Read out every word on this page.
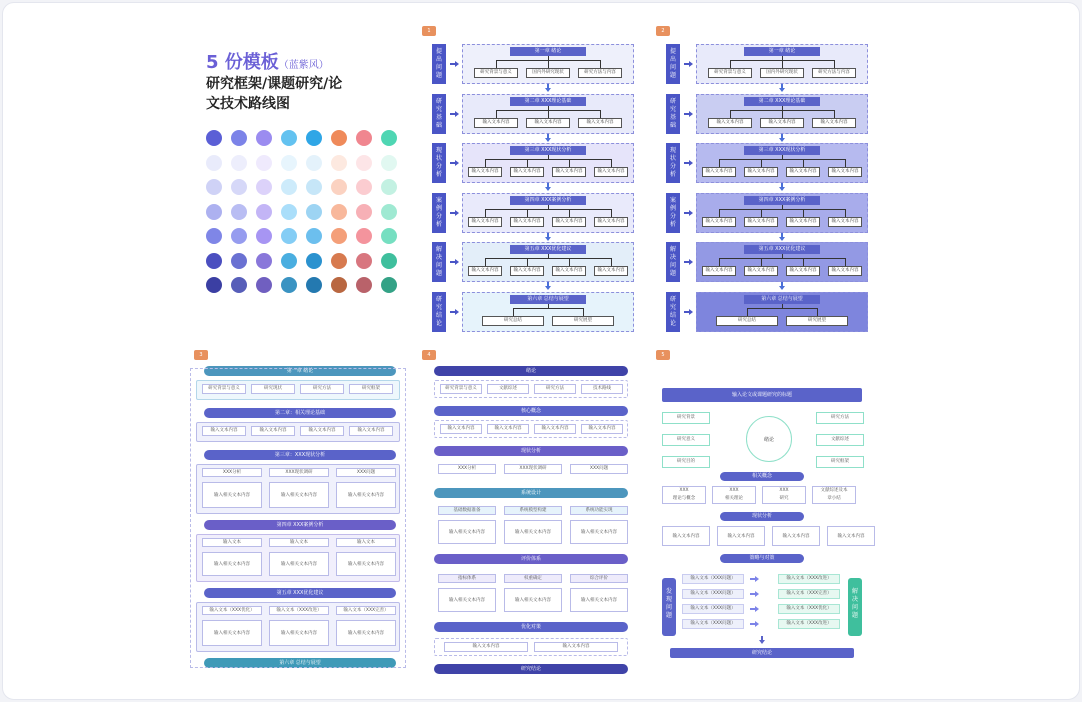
5 份模板（蓝紫风）
研究框架/课题研究/论
文技术路线图
1
提
出
问
题
第一章 绪论
研究背景与意义	国内外研究现状	研究方法与内容
研
究
基
础
第二章 XXX理论基础
输入文本内容	输入文本内容	输入文本内容
现
状
分
析
第三章 XXX现状分析
输入文本内容	输入文本内容	输入文本内容	输入文本内容
案
例
分
析
第四章 XXX案例分析
输入文本内容	输入文本内容	输入文本内容	输入文本内容
解
决
问
题
第五章 XXX优化建议
输入文本内容	输入文本内容	输入文本内容	输入文本内容
研
究
结
论
第六章 总结与展望
研究总结	研究展望
2
提
出
问
题
第一章 绪论
研究背景与意义	国内外研究现状	研究方法与内容
研
究
基
础
第二章 XXX理论基础
输入文本内容	输入文本内容	输入文本内容
现
状
分
析
第三章 XXX现状分析
输入文本内容	输入文本内容	输入文本内容	输入文本内容
案
例
分
析
第四章 XXX案例分析
输入文本内容	输入文本内容	输入文本内容	输入文本内容
解
决
问
题
第五章 XXX优化建议
输入文本内容	输入文本内容	输入文本内容	输入文本内容
研
究
结
论
第六章 总结与展望
研究总结	研究展望
3
第一章 绪论
第二章：相关理论基础
第三章：XXX现状分析
第四章 XXX案例分析
第五章 XXX优化建议
第六章 总结与展望
研究背景与意义	研究现状	研究方法	研究框架
输入文本内容	输入文本内容	输入文本内容	输入文本内容
XXX分析	XXX现状调研	XXX问题
输入相关文本内容	输入相关文本内容	输入相关文本内容
输入文本	输入文本	输入文本
输入相关文本内容	输入相关文本内容	输入相关文本内容
输入文本（XXX优化）	输入文本（XXX改进）	输入文本（XXX完善）
输入相关文本内容	输入相关文本内容	输入相关文本内容
4
绪论
核心概念
现状分析
系统设计
评价体系
优化对策
研究结论
研究背景与意义	文献综述	研究方法	技术路线
输入文本内容	输入文本内容	输入文本内容	输入文本内容
XXX分析	XXX现状调研	XXX问题
基础数据准备	系统模型构建	系统功能实现
输入相关文本内容	输入相关文本内容	输入相关文本内容
指标体系	权重确定	综合评价
输入相关文本内容	输入相关文本内容	输入相关文本内容
输入文本内容	输入文本内容
5
输入论文或课题研究的标题
研究背景
研究意义
研究目的
绪论
研究方法
文献综述
研究框架
相关概念
现状分析
策略与对策
XXX
理论与概念
XXX
相关理论
XXX
研究
文献综述及本
章小结
输入文本内容	输入文本内容	输入文本内容	输入文本内容
发
现
问
题
解
决
问
题
输入文本（XXX问题）
输入文本（XXX问题）
输入文本（XXX问题）
输入文本（XXX问题）
输入文本（XXX改进）
输入文本（XXX完善）
输入文本（XXX优化）
输入文本（XXX改进）
研究结论
